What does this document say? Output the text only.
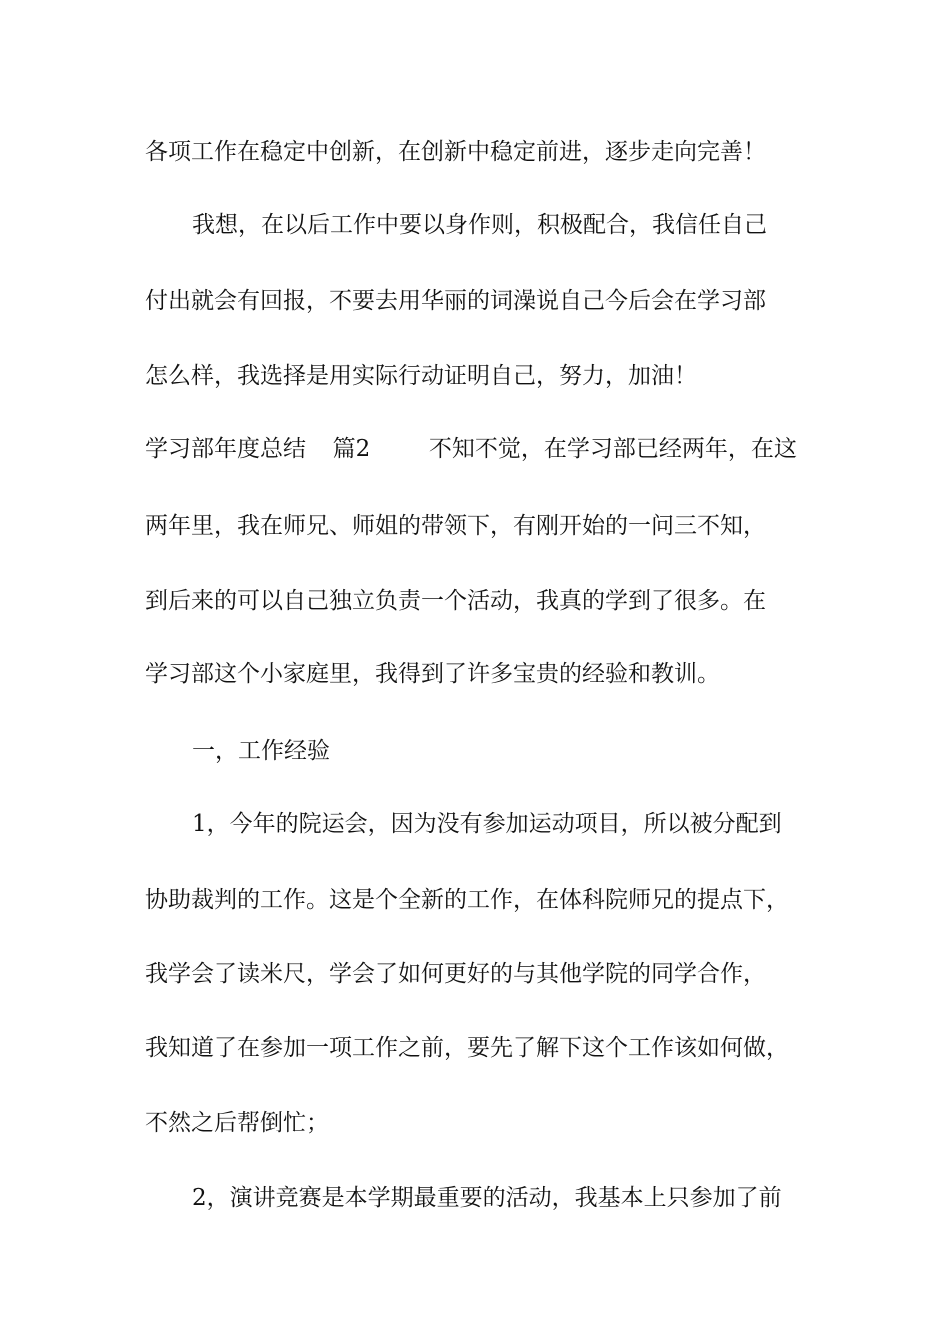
各项工作在稳定中创新，在创新中稳定前进，逐步走向完善！
我想，在以后工作中要以身作则，积极配合，我信任自己
付出就会有回报，不要去用华丽的词澡说自己今后会在学习部
怎么样，我选择是用实际行动证明自己，努力，加油！
学习部年度总结 篇2	不知不觉，在学习部已经两年，在这
两年里，我在师兄、师姐的带领下，有刚开始的一问三不知，
到后来的可以自己独立负责一个活动，我真的学到了很多。在
学习部这个小家庭里，我得到了许多宝贵的经验和教训。
一，工作经验
1，今年的院运会，因为没有参加运动项目，所以被分配到
协助裁判的工作。这是个全新的工作，在体科院师兄的提点下，
我学会了读米尺，学会了如何更好的与其他学院的同学合作，
我知道了在参加一项工作之前，要先了解下这个工作该如何做，
不然之后帮倒忙；
2，演讲竞赛是本学期最重要的活动，我基本上只参加了前
